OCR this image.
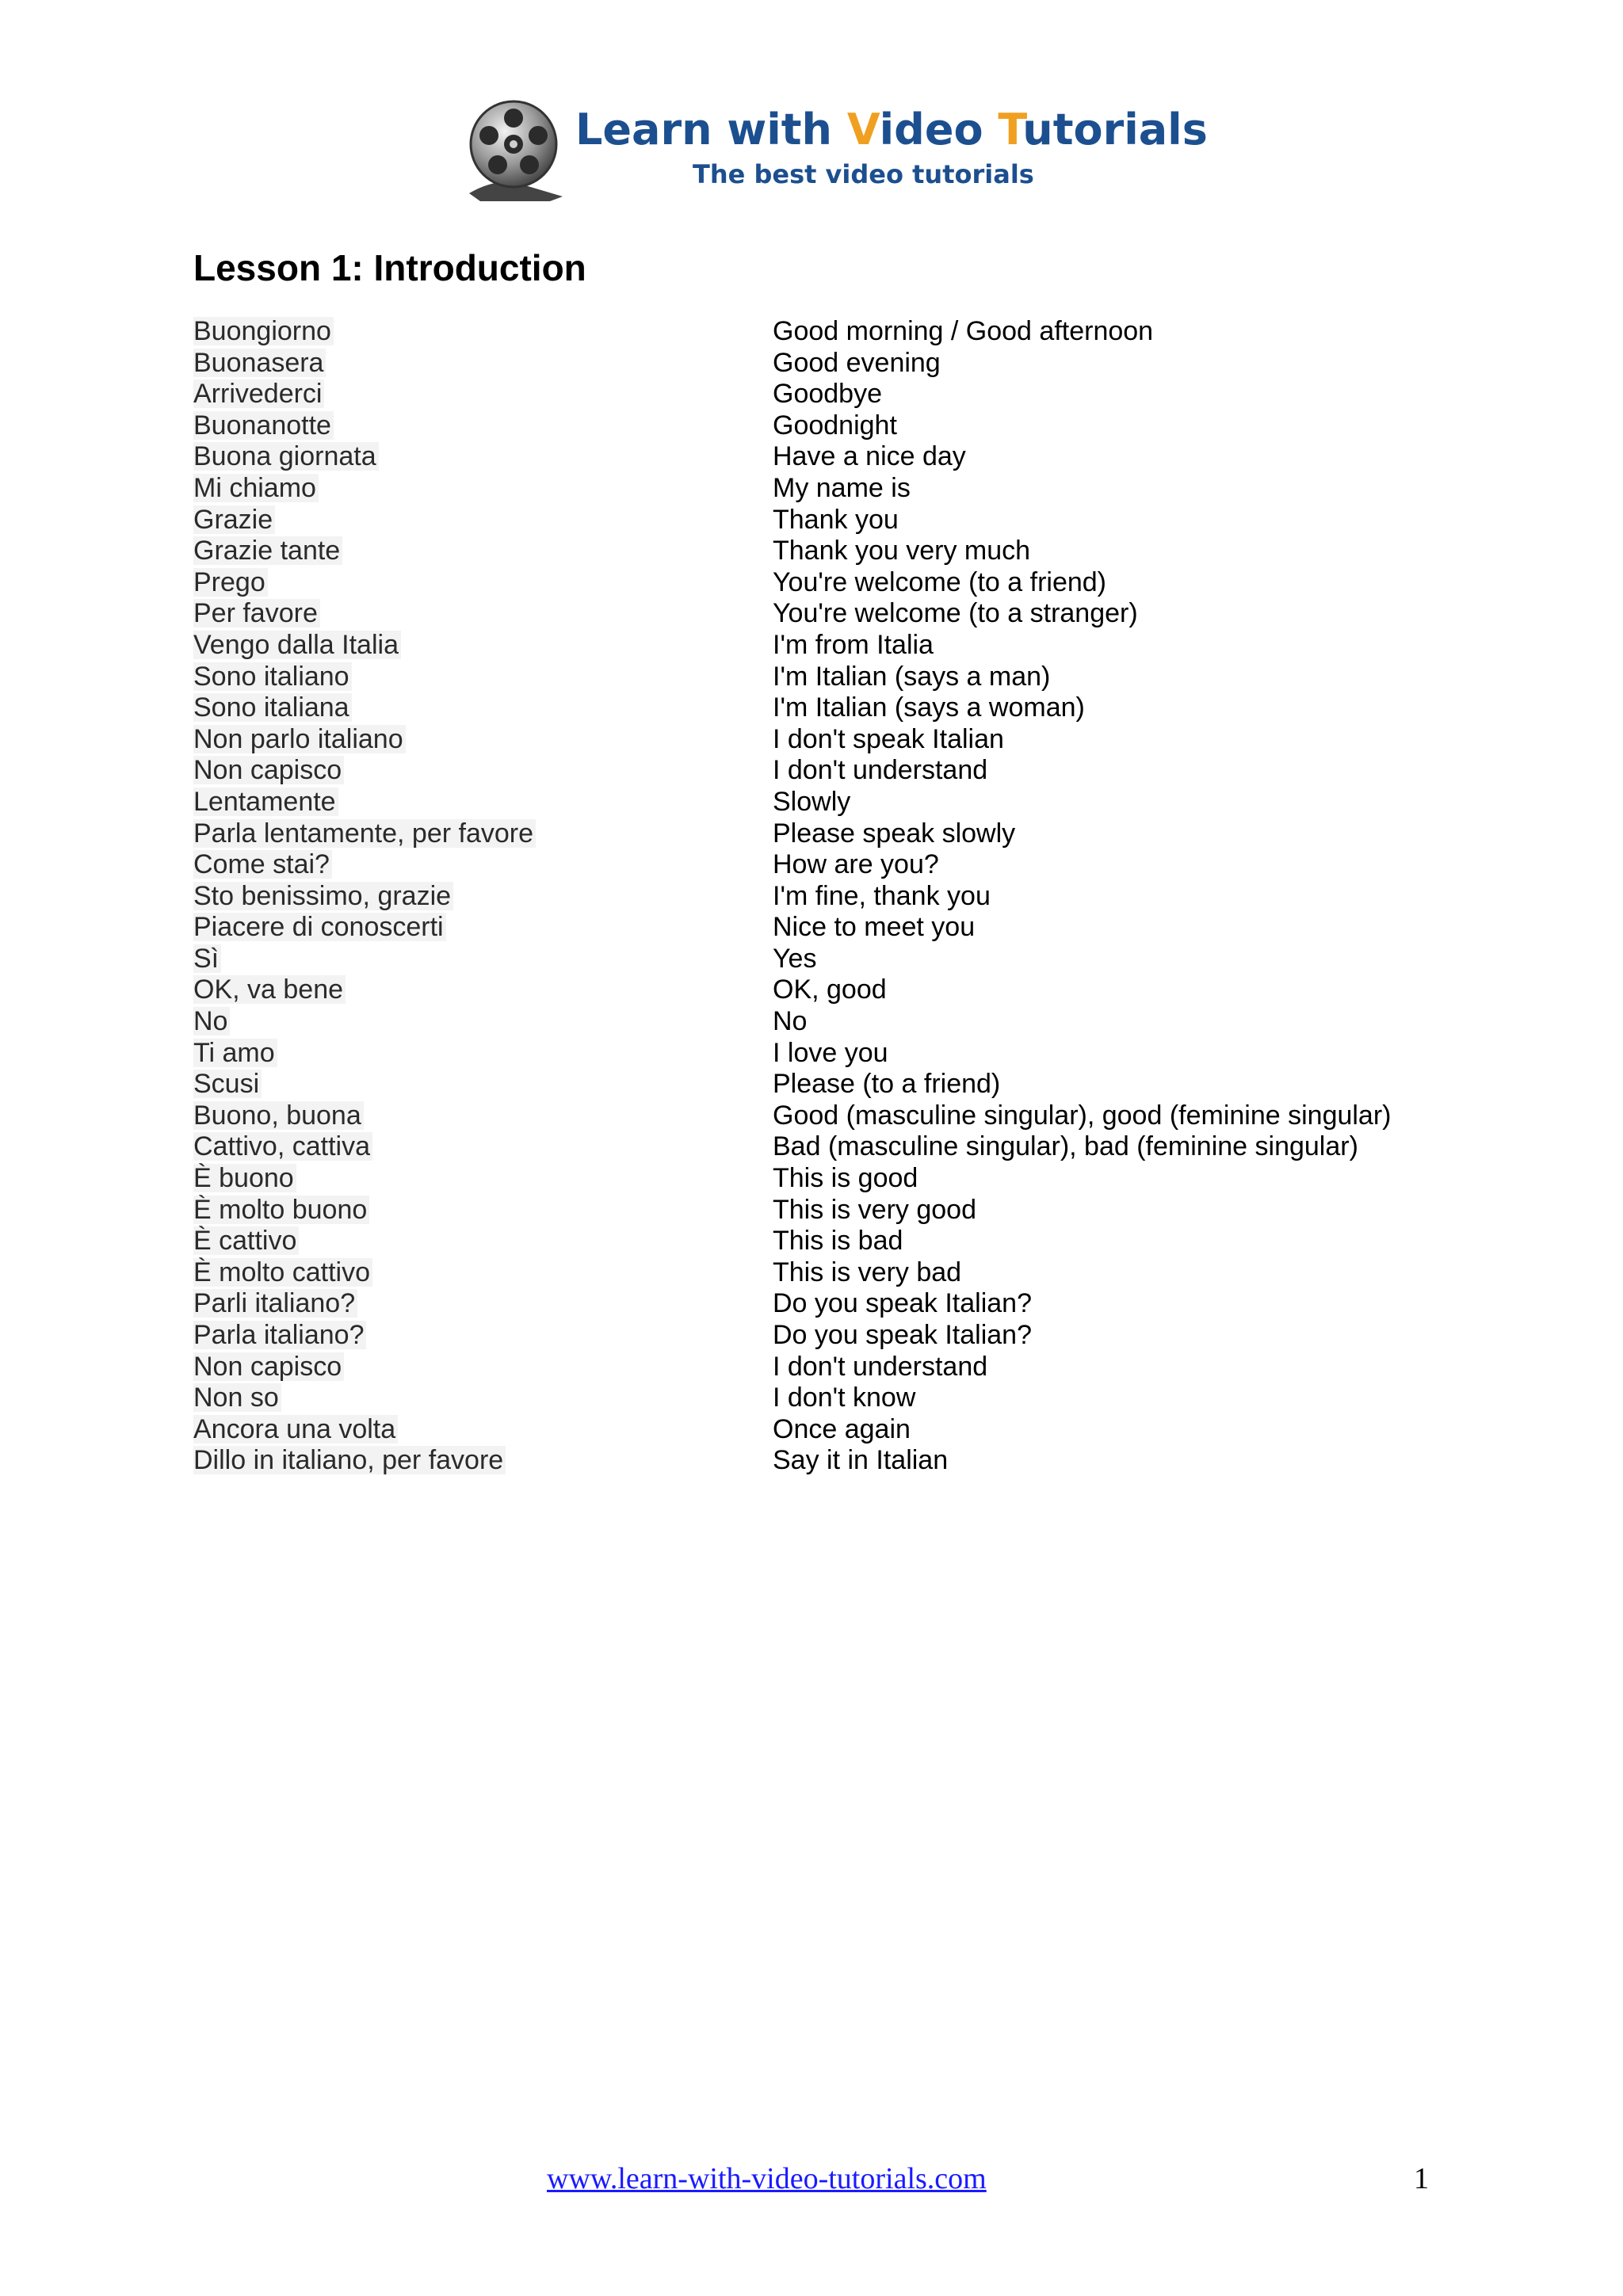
Learn with Video Tutorials
The best video tutorials
Lesson 1: Introduction
Buongiorno	Good morning / Good afternoon
Buonasera	Good evening
Arrivederci	Goodbye
Buonanotte	Goodnight
Buona giornata	Have a nice day
Mi chiamo	My name is
Grazie	Thank you
Grazie tante	Thank you very much
Prego	You're welcome (to a friend)
Per favore	You're welcome (to a stranger)
Vengo dalla Italia	I'm from Italia
Sono italiano	I'm Italian (says a man)
Sono italiana	I'm Italian (says a woman)
Non parlo italiano	I don't speak Italian
Non capisco	I don't understand
Lentamente	Slowly
Parla lentamente, per favore	Please speak slowly
Come stai?	How are you?
Sto benissimo, grazie	I'm fine, thank you
Piacere di conoscerti	Nice to meet you
Sì	Yes
OK, va bene	OK, good
No	No
Ti amo	I love you
Scusi	Please (to a friend)
Buono, buona	Good (masculine singular), good (feminine singular)
Cattivo, cattiva	Bad (masculine singular), bad (feminine singular)
È buono	This is good
È molto buono	This is very good
È cattivo	This is bad
È molto cattivo	This is very bad
Parli italiano?	Do you speak Italian?
Parla italiano?	Do you speak Italian?
Non capisco	I don't understand
Non so	I don't know
Ancora una volta	Once again
Dillo in italiano, per favore	Say it in Italian
www.learn-with-video-tutorials.com	1
